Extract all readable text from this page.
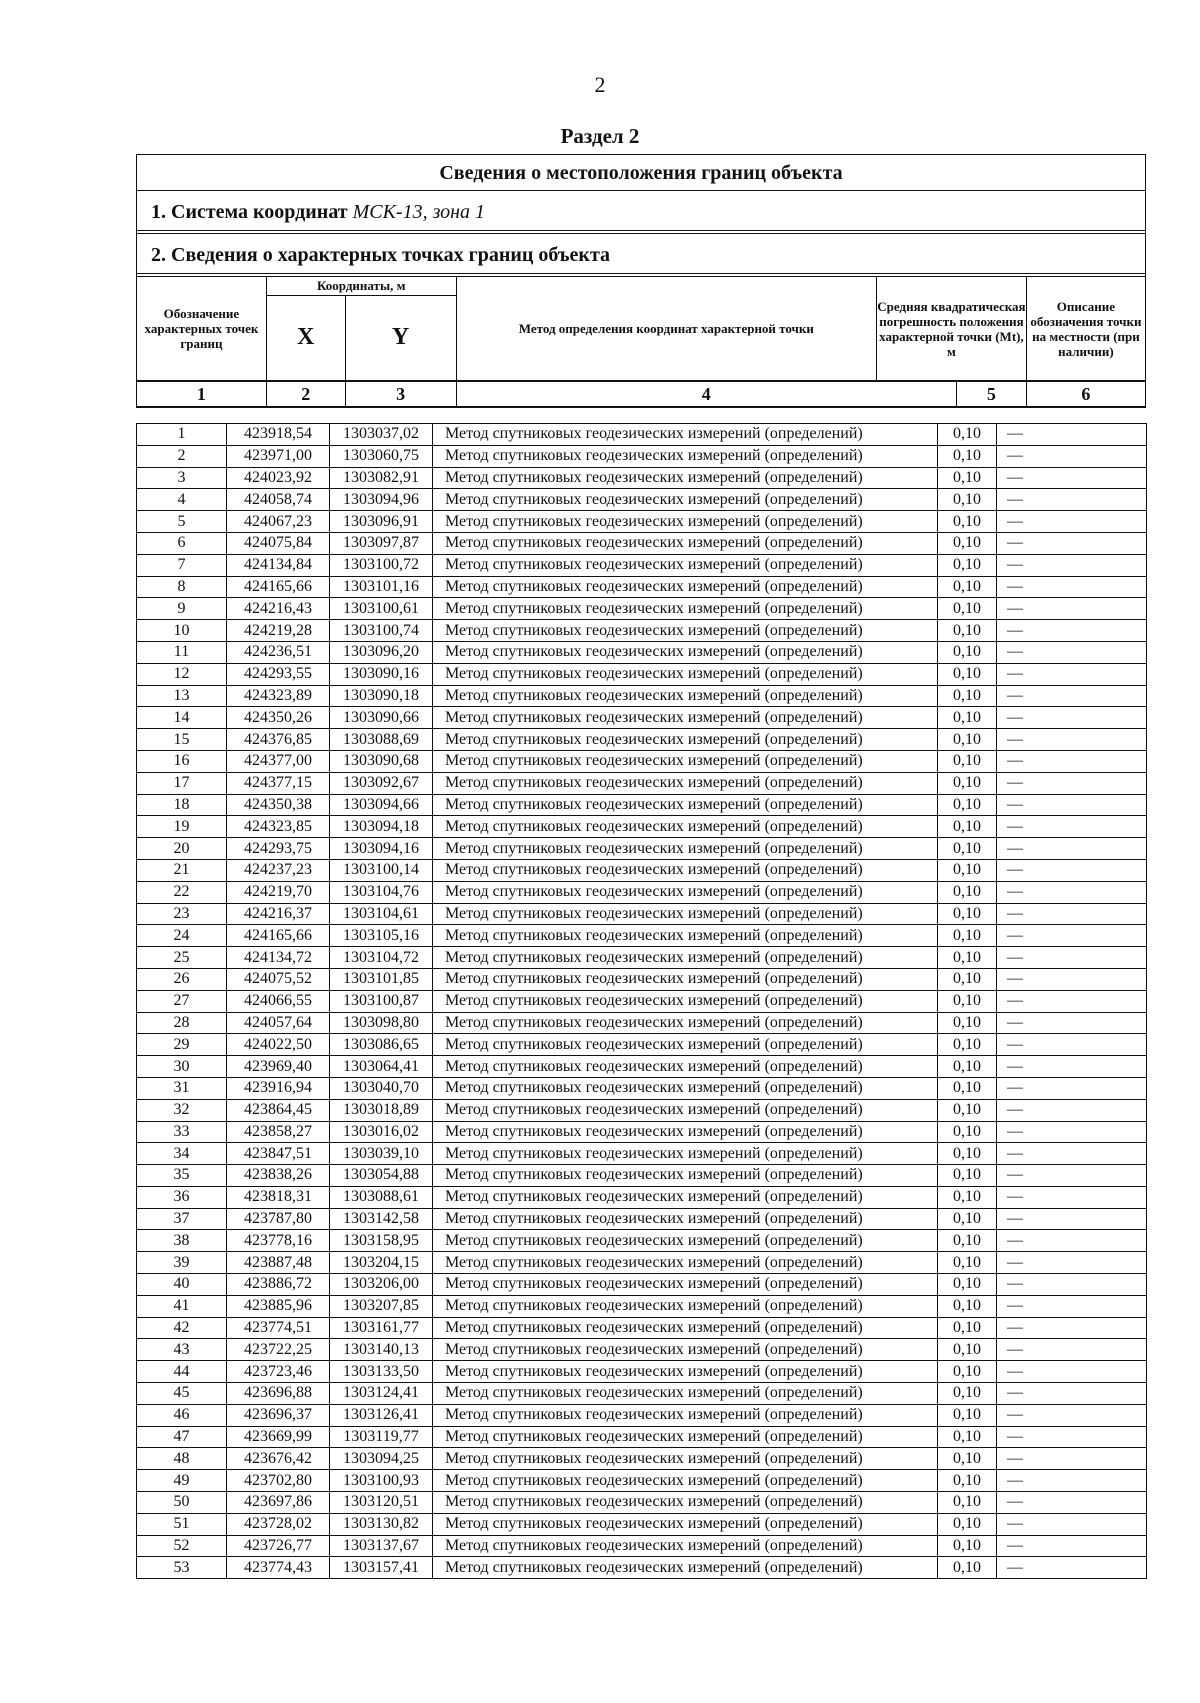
2
Раздел 2
Сведения о местоположения границ объекта
1. Система координат МСК-13, зона 1
2. Сведения о характерных точках границ объекта
Обозначение характерных точек границ	Координаты, м		Метод определения координат характерной точки	Средняя квадратическая погрешность положения характерной точки (Mt), м		Описание обозначения точки на местности (при наличии)
	X	Y				
1	2	3	4		5	6
1	423918,54	1303037,02	Метод спутниковых геодезических измерений (определений)	0,10	—
2	423971,00	1303060,75	Метод спутниковых геодезических измерений (определений)	0,10	—
3	424023,92	1303082,91	Метод спутниковых геодезических измерений (определений)	0,10	—
4	424058,74	1303094,96	Метод спутниковых геодезических измерений (определений)	0,10	—
5	424067,23	1303096,91	Метод спутниковых геодезических измерений (определений)	0,10	—
6	424075,84	1303097,87	Метод спутниковых геодезических измерений (определений)	0,10	—
7	424134,84	1303100,72	Метод спутниковых геодезических измерений (определений)	0,10	—
8	424165,66	1303101,16	Метод спутниковых геодезических измерений (определений)	0,10	—
9	424216,43	1303100,61	Метод спутниковых геодезических измерений (определений)	0,10	—
10	424219,28	1303100,74	Метод спутниковых геодезических измерений (определений)	0,10	—
11	424236,51	1303096,20	Метод спутниковых геодезических измерений (определений)	0,10	—
12	424293,55	1303090,16	Метод спутниковых геодезических измерений (определений)	0,10	—
13	424323,89	1303090,18	Метод спутниковых геодезических измерений (определений)	0,10	—
14	424350,26	1303090,66	Метод спутниковых геодезических измерений (определений)	0,10	—
15	424376,85	1303088,69	Метод спутниковых геодезических измерений (определений)	0,10	—
16	424377,00	1303090,68	Метод спутниковых геодезических измерений (определений)	0,10	—
17	424377,15	1303092,67	Метод спутниковых геодезических измерений (определений)	0,10	—
18	424350,38	1303094,66	Метод спутниковых геодезических измерений (определений)	0,10	—
19	424323,85	1303094,18	Метод спутниковых геодезических измерений (определений)	0,10	—
20	424293,75	1303094,16	Метод спутниковых геодезических измерений (определений)	0,10	—
21	424237,23	1303100,14	Метод спутниковых геодезических измерений (определений)	0,10	—
22	424219,70	1303104,76	Метод спутниковых геодезических измерений (определений)	0,10	—
23	424216,37	1303104,61	Метод спутниковых геодезических измерений (определений)	0,10	—
24	424165,66	1303105,16	Метод спутниковых геодезических измерений (определений)	0,10	—
25	424134,72	1303104,72	Метод спутниковых геодезических измерений (определений)	0,10	—
26	424075,52	1303101,85	Метод спутниковых геодезических измерений (определений)	0,10	—
27	424066,55	1303100,87	Метод спутниковых геодезических измерений (определений)	0,10	—
28	424057,64	1303098,80	Метод спутниковых геодезических измерений (определений)	0,10	—
29	424022,50	1303086,65	Метод спутниковых геодезических измерений (определений)	0,10	—
30	423969,40	1303064,41	Метод спутниковых геодезических измерений (определений)	0,10	—
31	423916,94	1303040,70	Метод спутниковых геодезических измерений (определений)	0,10	—
32	423864,45	1303018,89	Метод спутниковых геодезических измерений (определений)	0,10	—
33	423858,27	1303016,02	Метод спутниковых геодезических измерений (определений)	0,10	—
34	423847,51	1303039,10	Метод спутниковых геодезических измерений (определений)	0,10	—
35	423838,26	1303054,88	Метод спутниковых геодезических измерений (определений)	0,10	—
36	423818,31	1303088,61	Метод спутниковых геодезических измерений (определений)	0,10	—
37	423787,80	1303142,58	Метод спутниковых геодезических измерений (определений)	0,10	—
38	423778,16	1303158,95	Метод спутниковых геодезических измерений (определений)	0,10	—
39	423887,48	1303204,15	Метод спутниковых геодезических измерений (определений)	0,10	—
40	423886,72	1303206,00	Метод спутниковых геодезических измерений (определений)	0,10	—
41	423885,96	1303207,85	Метод спутниковых геодезических измерений (определений)	0,10	—
42	423774,51	1303161,77	Метод спутниковых геодезических измерений (определений)	0,10	—
43	423722,25	1303140,13	Метод спутниковых геодезических измерений (определений)	0,10	—
44	423723,46	1303133,50	Метод спутниковых геодезических измерений (определений)	0,10	—
45	423696,88	1303124,41	Метод спутниковых геодезических измерений (определений)	0,10	—
46	423696,37	1303126,41	Метод спутниковых геодезических измерений (определений)	0,10	—
47	423669,99	1303119,77	Метод спутниковых геодезических измерений (определений)	0,10	—
48	423676,42	1303094,25	Метод спутниковых геодезических измерений (определений)	0,10	—
49	423702,80	1303100,93	Метод спутниковых геодезических измерений (определений)	0,10	—
50	423697,86	1303120,51	Метод спутниковых геодезических измерений (определений)	0,10	—
51	423728,02	1303130,82	Метод спутниковых геодезических измерений (определений)	0,10	—
52	423726,77	1303137,67	Метод спутниковых геодезических измерений (определений)	0,10	—
53	423774,43	1303157,41	Метод спутниковых геодезических измерений (определений)	0,10	—
